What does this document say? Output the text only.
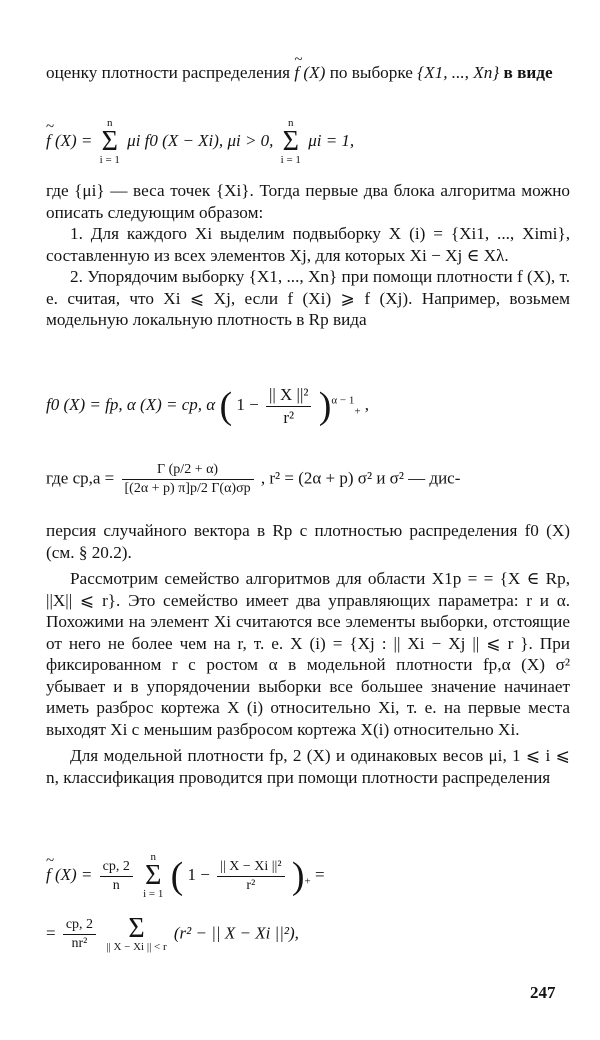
оценку плотности распределения ~ f (X) по выборке {X1, ..., Xn} в виде

~ f (X) =
n
Σ
i = 1
μi f0 (X − Xi), μi > 0,
n
Σ
i = 1
μi = 1,

где {μi} — веса точек {Xi}. Тогда первые два блока алгоритма можно описать следующим образом:

1. Для каждого Xi выделим подвыборку X (i) = {Xi1, ..., Ximi}, составленную из всех элементов Xj, для которых Xi − Xj ∈ Xλ.

2. Упорядочим выборку {X1, ..., Xn} при помощи плотности f (X), т. е. считая, что Xi ⩽ Xj, если f (Xi) ⩾ f (Xj). Например, возьмем модельную локальную плотность в Rp вида

f0 (X) = fp, α (X) = cp, α ( $1 - \frac{\text{|| X ||²}}{\text{r²}} )^{\alpha - 1}_+$ ,
где $cp,a = \frac{\Gamma (p/2 + \alpha)}{[(2\alpha + p) \pi]p/2 \Gamma(\alpha)\sigma p}$ , r² = (2α + p) σ² и σ² — дис-

персия случайного вектора в Rp с плотностью распределения f0 (X) (см. § 20.2).

Рассмотрим семейство алгоритмов для области X1p = = {X ∈ Rp, ||X|| ⩽ r}. Это семейство имеет два управляющих параметра: r и α. Похожими на элемент Xi считаются все элементы выборки, отстоящие от него не более чем на r, т. е. X (i) = {Xj : || Xi − Xj || ⩽ r }. При фиксированном r с ростом α в модельной плотности fp,α (X) σ² убывает и в упорядочении выборки все большее значение начинает иметь разброс кортежа X (i) относительно Xi, т. е. на первые места выходят Xi с меньшим разбросом кортежа X(i) относительно Xi.

Для модельной плотности fp, 2 (X) и одинаковых весов μi, 1 ⩽ i ⩽ n, классификация проводится при помощи плотности распределения

~ f $(X) = \frac{cp, 2}{n}$

n
Σ
i = 1 ( $1 - \frac{\text{|| X − Xi ||²}}{\text{r²}} )_+$ =
= $\frac{cp, 2}{\text{nr²}}$
	Σ
|| X − Xi || < r
(r² − || X − Xi ||²),
247
